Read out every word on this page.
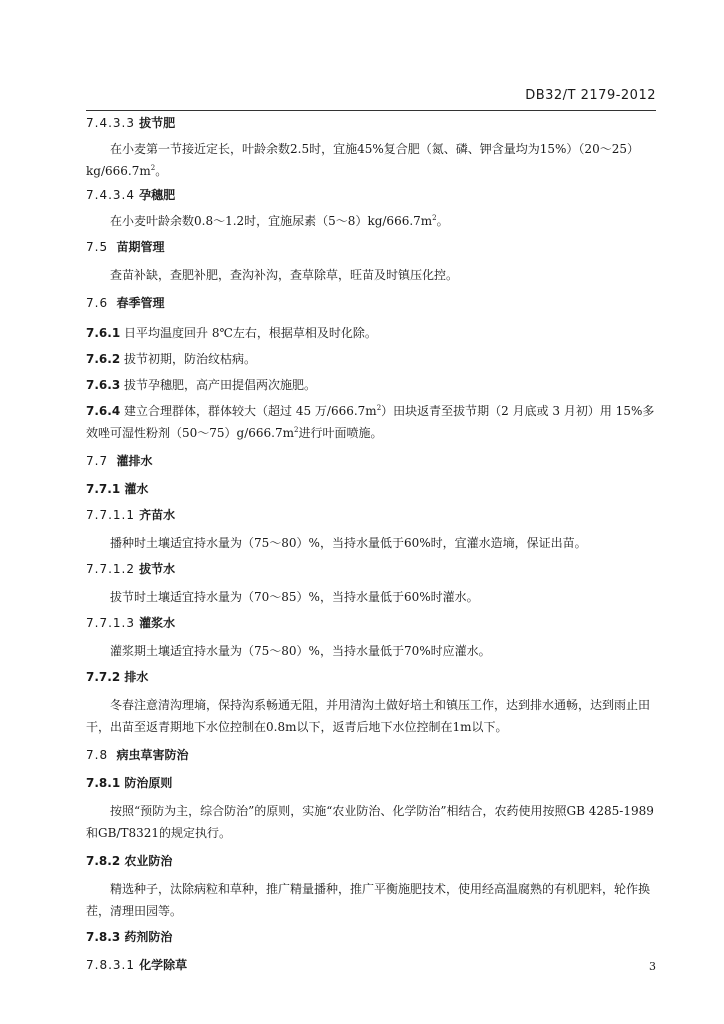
DB32/T 2179-2012
7.4.3.3 拔节肥

在小麦第一节接近定长，叶龄余数2.5时，宜施45%复合肥（氮、磷、钾含量均为15%）（20～25）

$kg/666.7m^2$。

7.4.3.4 孕穗肥

在小麦叶龄余数0.8～1.2时，宜施尿素$(5\sim 8)kg/666.7m^2$。

7.5 苗期管理

查苗补缺，查肥补肥，查沟补沟，查草除草，旺苗及时镇压化控。

7.6 春季管理

7.6.1 日平均温度回升 8℃左右，根据草相及时化除。

7.6.2 拔节初期，防治纹枯病。

7.6.3 拔节孕穗肥，高产田提倡两次施肥。

7.6.4 建立合理群体，群体较大（超过 45 万$/666.7m^2$）田块返青至拔节期（2 月底或 3 月初）用 15%多

效唑可湿性粉剂$(50\sim 75)g/666.7m^2$进行叶面喷施。

7.7 灌排水
7.7.1 灌水
7.7.1.1 齐苗水

播种时土壤适宜持水量为（75～80）%，当持水量低于60%时，宜灌水造墒，保证出苗。

7.7.1.2 拔节水

拔节时土壤适宜持水量为（70～85）%，当持水量低于60%时灌水。

7.7.1.3 灌浆水

灌浆期土壤适宜持水量为（75～80）%，当持水量低于70%时应灌水。

7.7.2 排水

冬春注意清沟理墒，保持沟系畅通无阻，并用清沟土做好培土和镇压工作，达到排水通畅，达到雨止田干，出苗至返青期地下水位控制在0.8m以下，返青后地下水位控制在1m以下。

7.8 病虫草害防治
7.8.1 防治原则

按照“预防为主，综合防治”的原则，实施“农业防治、化学防治”相结合，农药使用按照GB 4285-1989和GB/T8321的规定执行。

7.8.2 农业防治

精选种子，汰除病粒和草种，推广精量播种，推广平衡施肥技术，使用经高温腐熟的有机肥料，轮作换茬，清理田园等。

7.8.3 药剂防治
7.8.3.1 化学除草	3
